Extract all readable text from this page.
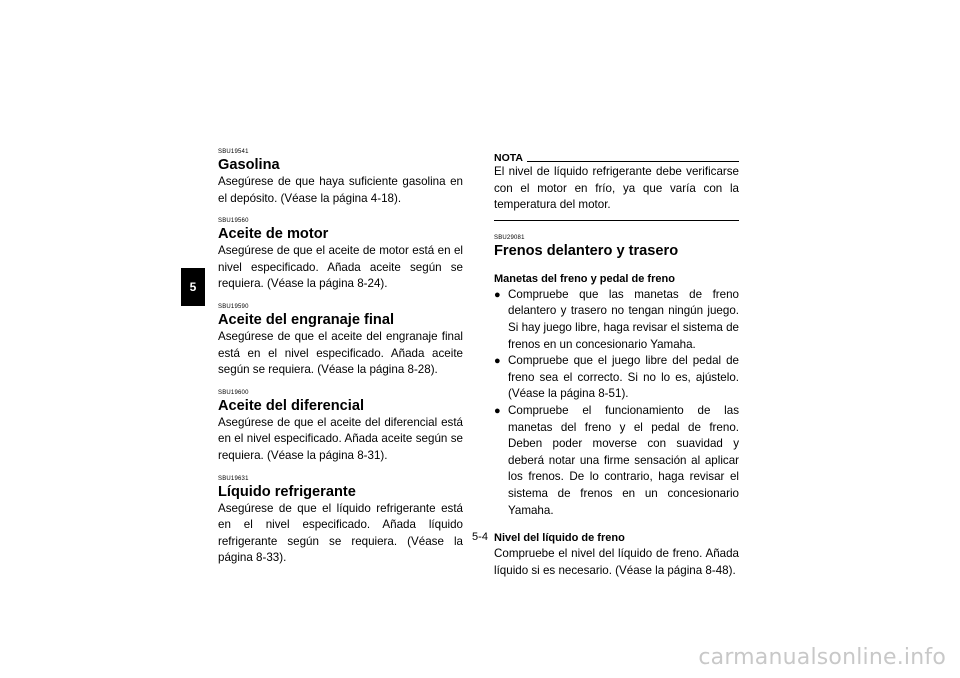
5
SBU19541
Gasolina
Asegúrese de que haya suficiente gasolina en el depósito. (Véase la página 4-18).
SBU19560
Aceite de motor
Asegúrese de que el aceite de motor está en el nivel especificado. Añada aceite según se requiera. (Véase la página 8-24).
SBU19590
Aceite del engranaje final
Asegúrese de que el aceite del engranaje final está en el nivel especificado. Añada aceite según se requiera. (Véase la página 8-28).
SBU19600
Aceite del diferencial
Asegúrese de que el aceite del diferencial está en el nivel especificado. Añada aceite según se requiera. (Véase la página 8-31).
SBU19631
Líquido refrigerante
Asegúrese de que el líquido refrigerante está en el nivel especificado. Añada líquido refrigerante según se requiera. (Véase la página 8-33).
NOTA
El nivel de líquido refrigerante debe verificarse con el motor en frío, ya que varía con la temperatura del motor.
SBU29081
Frenos delantero y trasero
Manetas del freno y pedal de freno
● Compruebe que las manetas de freno delantero y trasero no tengan ningún juego. Si hay juego libre, haga revisar el sistema de frenos en un concesionario Yamaha.
● Compruebe que el juego libre del pedal de freno sea el correcto. Si no lo es, ajústelo. (Véase la página 8-51).
● Compruebe el funcionamiento de las manetas del freno y el pedal de freno. Deben poder moverse con suavidad y deberá notar una firme sensación al aplicar los frenos. De lo contrario, haga revisar el sistema de frenos en un concesionario Yamaha.
Nivel del líquido de freno
Compruebe el nivel del líquido de freno. Añada líquido si es necesario. (Véase la página 8-48).
5-4
carmanualsonline.info
